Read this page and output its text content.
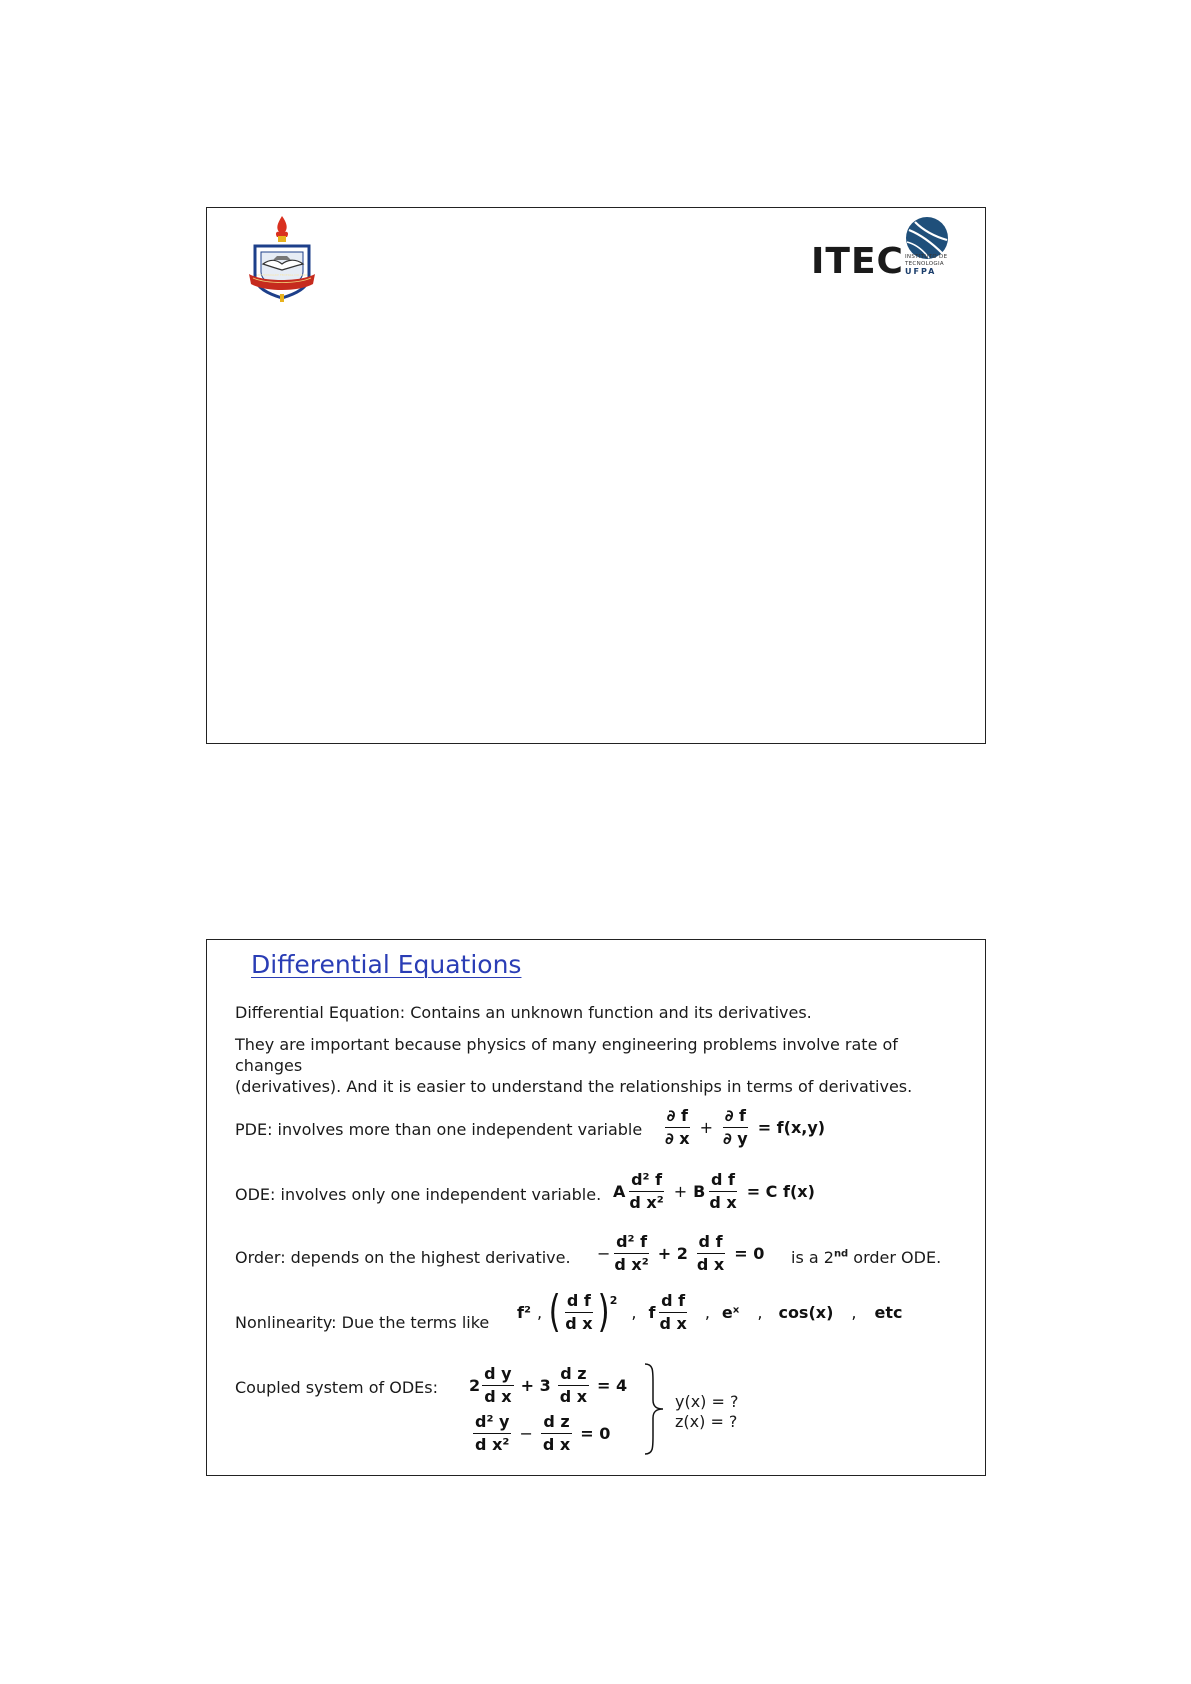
UNIVERSIDADE FEDERAL DO PARÁ	ITEC INSTITUTO DE
TECNOLOGIA
UFPA
Differential Equations
Differential Equation: Contains an unknown function and its derivatives.
They are important because physics of many engineering problems involve rate of changes
(derivatives). And it is easier to understand the relationships in terms of derivatives.
PDE: involves more than one independent variable $\frac{\partial f}{\partial x} + \frac{\partial f}{\partial y} = f(x,y)$
ODE: involves only one independent variable. A $\frac{\text{d² f}}{\text{d x²}} + B \frac{\text{d f}}{\text{d x}} = C$ f(x)
Order: depends on the highest derivative. − $\frac{\text{d² f}}{\text{d x²}} + 2 \frac{\text{d f}}{\text{d x}} = 0$ is a 2nd order ODE.
Nonlinearity: Due the terms like
f² , ( $\frac{\text{d f}}{\text{d x}}$ ) 2
, f $\frac{\text{d f}}{\text{d x}}$ , eˣ , cos(x) , etc
Coupled system of ODEs: $2 \frac{\text{d y}}{\text{d x}} + 3 \frac{\text{d z}}{\text{d x}} = 4$
$\frac{\text{d² y}}{\text{d x²}} - \frac{\text{d z}}{\text{d x}} = 0$
y(x) = ?
z(x) = ?
